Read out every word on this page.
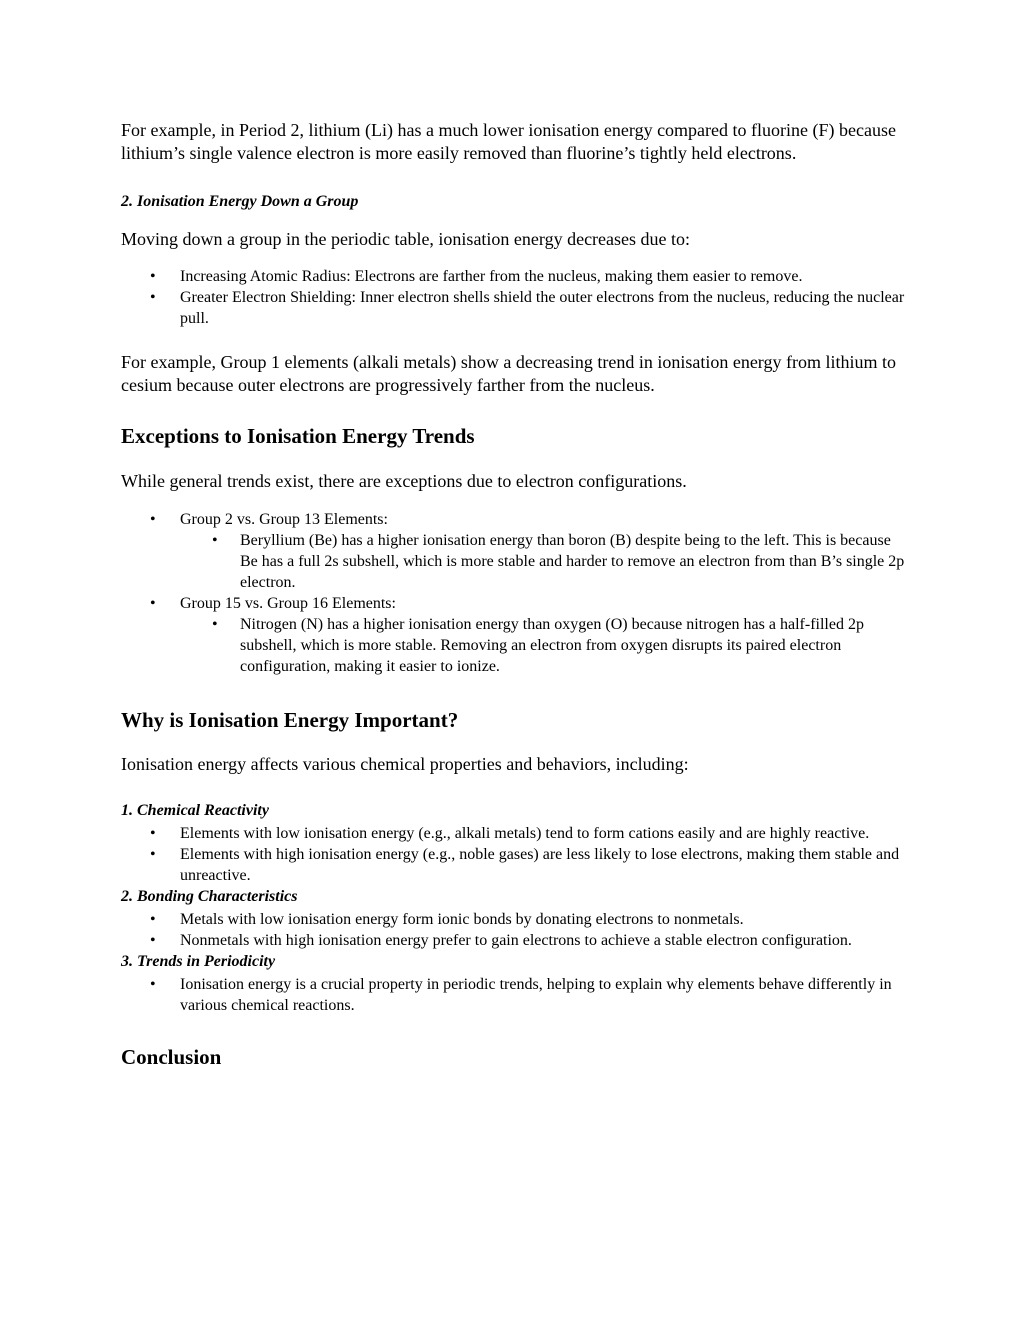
For example, in Period 2, lithium (Li) has a much lower ionisation energy compared to fluorine (F) because lithium’s single valence electron is more easily removed than fluorine’s tightly held electrons.

2. Ionisation Energy Down a Group

Moving down a group in the periodic table, ionisation energy decreases due to:

• Increasing Atomic Radius: Electrons are farther from the nucleus, making them easier to remove.
• Greater Electron Shielding: Inner electron shells shield the outer electrons from the nucleus, reducing the nuclear pull.

For example, Group 1 elements (alkali metals) show a decreasing trend in ionisation energy from lithium to cesium because outer electrons are progressively farther from the nucleus.

Exceptions to Ionisation Energy Trends

While general trends exist, there are exceptions due to electron configurations.

• Group 2 vs. Group 13 Elements:
• Beryllium (Be) has a higher ionisation energy than boron (B) despite being to the left. This is because Be has a full 2s subshell, which is more stable and harder to remove an electron from than B’s single 2p electron.
• Group 15 vs. Group 16 Elements:
• Nitrogen (N) has a higher ionisation energy than oxygen (O) because nitrogen has a half-filled 2p subshell, which is more stable. Removing an electron from oxygen disrupts its paired electron configuration, making it easier to ionize.
Why is Ionisation Energy Important?

Ionisation energy affects various chemical properties and behaviors, including:

1. Chemical Reactivity

• Elements with low ionisation energy (e.g., alkali metals) tend to form cations easily and are highly reactive.
• Elements with high ionisation energy (e.g., noble gases) are less likely to lose electrons, making them stable and unreactive.

2. Bonding Characteristics

• Metals with low ionisation energy form ionic bonds by donating electrons to nonmetals.
• Nonmetals with high ionisation energy prefer to gain electrons to achieve a stable electron configuration.

3. Trends in Periodicity

• Ionisation energy is a crucial property in periodic trends, helping to explain why elements behave differently in various chemical reactions.
Conclusion
